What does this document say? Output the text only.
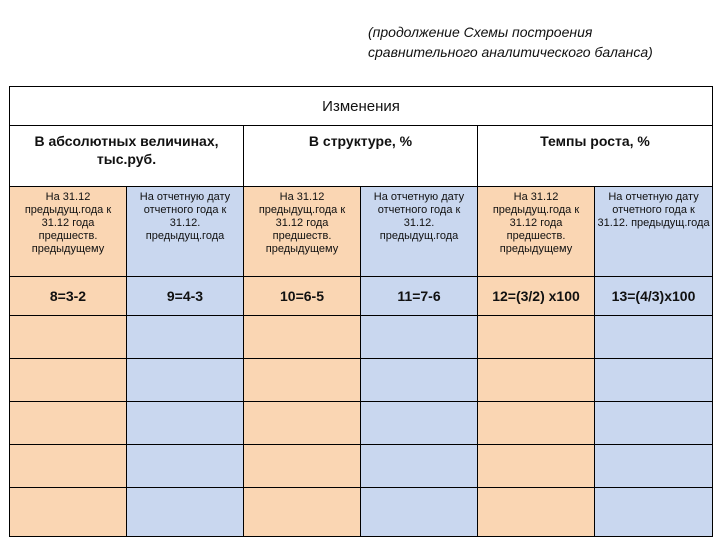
(продолжение Схемы построения
сравнительного аналитического баланса)
Изменения					
В абсолютных величинах, тыс.руб.		В структуре, %		Темпы роста, %	
На 31.12 предыдущ.года к 31.12 года предшеств. предыдущему	На отчетную дату отчетного года к 31.12. предыдущ.года	На 31.12 предыдущ.года к 31.12 года предшеств. предыдущему	На отчетную дату отчетного года к 31.12. предыдущ.года	На 31.12 предыдущ.года к 31.12 года предшеств. предыдущему	На отчетную дату отчетного года к 31.12. предыдущ.года
8=3-2	9=4-3	10=6-5	11=7-6	12=(3/2) х100	13=(4/3)х100
